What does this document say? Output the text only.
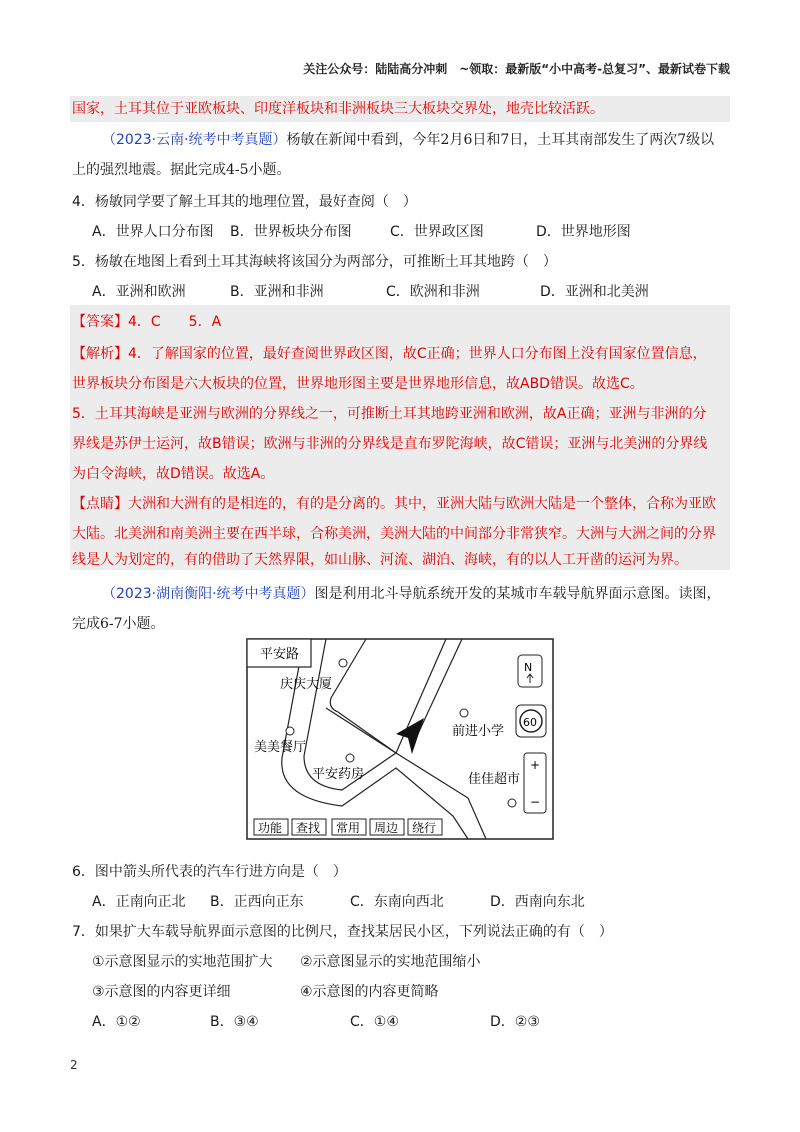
关注公众号：陆陆高分冲刺　~领取：最新版“小中高考-总复习”、最新试卷下载
国家，土耳其位于亚欧板块、印度洋板块和非洲板块三大板块交界处，地壳比较活跃。
（2023·云南·统考中考真题）杨敏在新闻中看到，今年2月6日和7日，土耳其南部发生了两次7级以
上的强烈地震。据此完成4-5小题。
4．杨敏同学要了解土耳其的地理位置，最好查阅（　）
A．世界人口分布图 B．世界板块分布图	C．世界政区图	D．世界地形图
5．杨敏在地图上看到土耳其海峡将该国分为两部分，可推断土耳其地跨（　）
A．亚洲和欧洲	B．亚洲和非洲	C．欧洲和非洲	D．亚洲和北美洲
【答案】4．C　　5．A
【解析】4．了解国家的位置，最好查阅世界政区图，故C正确；世界人口分布图上没有国家位置信息，
世界板块分布图是六大板块的位置，世界地形图主要是世界地形信息，故ABD错误。故选C。
5．土耳其海峡是亚洲与欧洲的分界线之一，可推断土耳其地跨亚洲和欧洲，故A正确；亚洲与非洲的分
界线是苏伊士运河，故B错误；欧洲与非洲的分界线是直布罗陀海峡，故C错误；亚洲与北美洲的分界线
为白令海峡，故D错误。故选A。
【点睛】大洲和大洲有的是相连的，有的是分离的。其中，亚洲大陆与欧洲大陆是一个整体，合称为亚欧
大陆。北美洲和南美洲主要在西半球，合称美洲，美洲大陆的中间部分非常狭窄。大洲与大洲之间的分界
线是人为划定的，有的借助了天然界限，如山脉、河流、湖泊、海峡，有的以人工开凿的运河为界。
（2023·湖南衡阳·统考中考真题）图是利用北斗导航系统开发的某城市车载导航界面示意图。读图，
完成6-7小题。
平安路
庆庆大厦
美美餐厅
平安药房
前进小学
佳佳超市
N
60
+
−
功能 查找 常用 周边 绕行
6．图中箭头所代表的汽车行进方向是（　）
A．正南向正北 B．正西向正东	C．东南向西北	D．西南向东北
7．如果扩大车载导航界面示意图的比例尺，查找某居民小区，下列说法正确的有（　）
①示意图显示的实地范围扩大 ②示意图显示的实地范围缩小
③示意图的内容更详细	④示意图的内容更简略
A．①②	B．③④	C．①④	D．②③
2
